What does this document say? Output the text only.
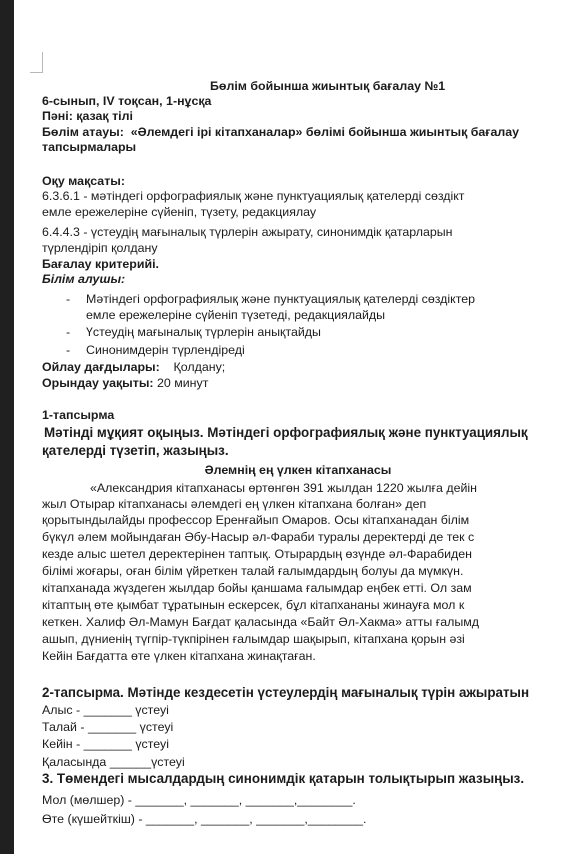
Бөлім бойынша жиынтық бағалау №1
6-сынып, IV тоқсан, 1-нұсқа
Пәні: қазақ тілі
Бөлім атауы: «Әлемдегі ірі кітапханалар» бөлімі бойынша жиынтық бағалау
тапсырмалары
Оқу мақсаты:
6.3.6.1 - мәтіндегі орфографиялық және пунктуациялық қателерді сөздікт
емле ережелеріне сүйеніп, түзету, редакциялау
6.4.4.3 - үстеудің мағыналық түрлерін ажырату, синонимдік қатарларын
түрлендіріп қолдану
Бағалау критерийі.
Білім алушы:
- Мәтіндегі орфографиялық және пунктуациялық қателерді сөздіктер
емле ережелеріне сүйеніп түзетеді, редакциялайды
- Үстеудің мағыналық түрлерін анықтайды
- Синонимдерін түрлендіреді
Ойлау дағдылары: Қолдану;
Орындау уақыты: 20 минут
1-тапсырма
Мәтінді мұқият оқыңыз. Мәтіндегі орфографиялық және пунктуациялық
қателерді түзетіп, жазыңыз.
Әлемнің ең үлкен кітапханасы
«Александрия кітапханасы өртөнгөн 391 жылдан 1220 жылға дейін
жыл Отырар кітапханасы әлемдегі ең үлкен кітапхана болған» деп
қорытындылайды профессор Еренғайып Омаров. Осы кітапханадан білім
бүкүл әлем мойындаған Әбу-Насыр әл-Фараби туралы деректерді де тек с
кезде алыс шетел деректерінен таптық. Отырардың өзүнде әл-Фарабиден
білімі жоғары, оған білім үйреткен талай ғалымдардың болуы да мүмкүн.
кітапханада жүздеген жылдар бойы қаншама ғалымдар еңбек етті. Ол зам
кітаптың өте қымбат тұратынын ескерсек, бұл кітапхананы жинауға мол к
кеткен. Халиф Әл-Мамун Бағдат қаласында «Байт Әл-Хакма» атты ғалымд
ашып, дүниенің түгпір-түкпірінен ғалымдар шақырып, кітапхана қорын әзі
Кейін Бағдатта өте үлкен кітапхана жинақтаған.
2-тапсырма. Мәтінде кездесетін үстеулердің мағыналық түрін ажыратын
Алыс - _______ үстеуі
Талай - _______ үстеуі
Кейін - _______ үстеуі
Қаласында ______үстеуі
3. Төмендегі мысалдардың синонимдік қатарын толықтырып жазыңыз.
Мол (мөлшер) - _______, _______, _______,________.
Өте (күшейткіш) - _______, _______, _______,________.
